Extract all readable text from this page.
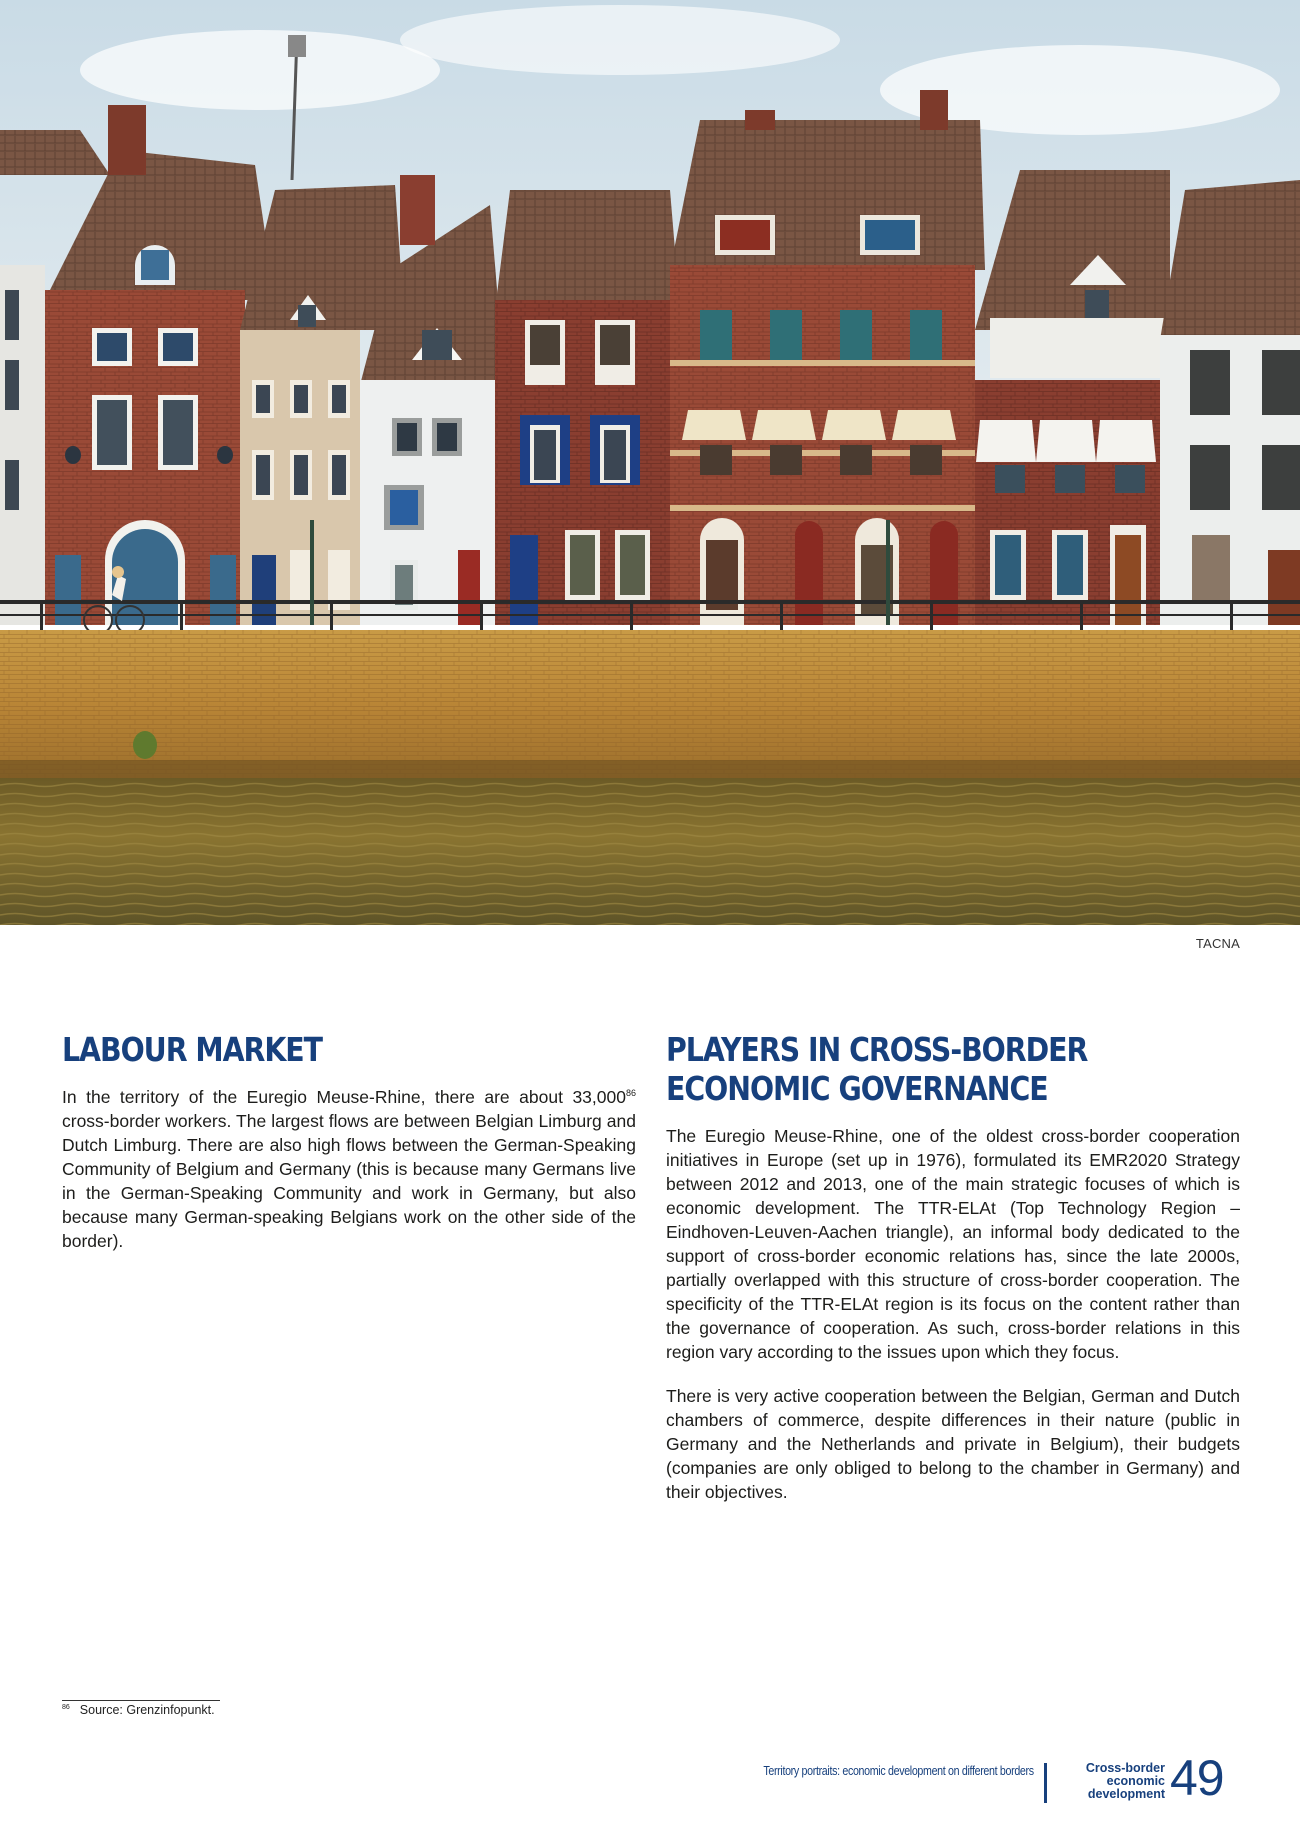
TACNA
LABOUR MARKET

In the territory of the Euregio Meuse-Rhine, there are about 33,000$^{86}$ cross-border workers. The largest flows are between Belgian Limburg and Dutch Limburg. There are also high flows between the German-Speaking Community of Belgium and Germany (this is because many Germans live in the German-Speaking Community and work in Germany, but also because many German-speaking Belgians work on the other side of the border).

PLAYERS IN CROSS-BORDER ECONOMIC GOVERNANCE

The Euregio Meuse-Rhine, one of the oldest cross-border cooperation initiatives in Europe (set up in 1976), formulated its EMR2020 Strategy between 2012 and 2013, one of the main strategic focuses of which is economic development. The TTR-ELAt (Top Technology Region – Eindhoven-Leuven-Aachen triangle), an informal body dedicated to the support of cross-border economic relations has, since the late 2000s, partially overlapped with this structure of cross-border cooperation. The specificity of the TTR-ELAt region is its focus on the content rather than the governance of cooperation. As such, cross-border relations in this region vary according to the issues upon which they focus.

There is very active cooperation between the Belgian, German and Dutch chambers of commerce, despite differences in their nature (public in Germany and the Netherlands and private in Belgium), their budgets (companies are only obliged to belong to the chamber in Germany) and their objectives.

$^{86}$ Source: Grenzinfopunkt.
Territory portraits: economic development on different borders	Cross-border
economic
development 49
